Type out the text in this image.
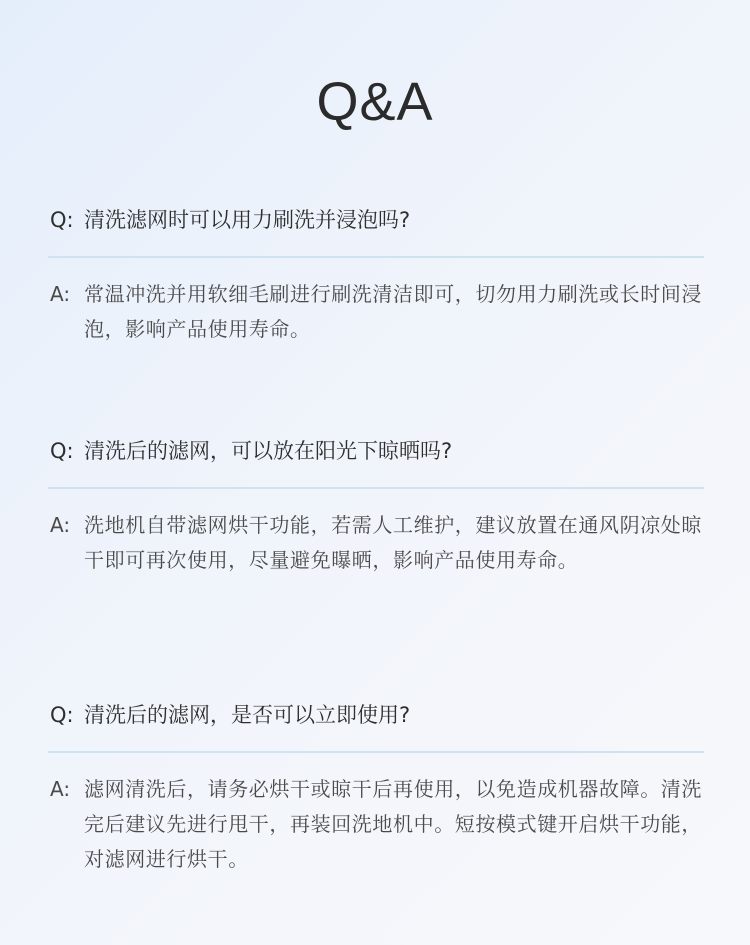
Q&A
Q: 清洗滤网时可以用力刷洗并浸泡吗?
A: 常温冲洗并用软细毛刷进行刷洗清洁即可，切勿用力刷洗或长时间浸泡，影响产品使用寿命。
Q: 清洗后的滤网，可以放在阳光下晾晒吗?
A: 洗地机自带滤网烘干功能，若需人工维护，建议放置在通风阴凉处晾干即可再次使用，尽量避免曝晒，影响产品使用寿命。
Q: 清洗后的滤网，是否可以立即使用?
A: 滤网清洗后，请务必烘干或晾干后再使用，以免造成机器故障。清洗完后建议先进行甩干，再装回洗地机中。短按模式键开启烘干功能，对滤网进行烘干。
